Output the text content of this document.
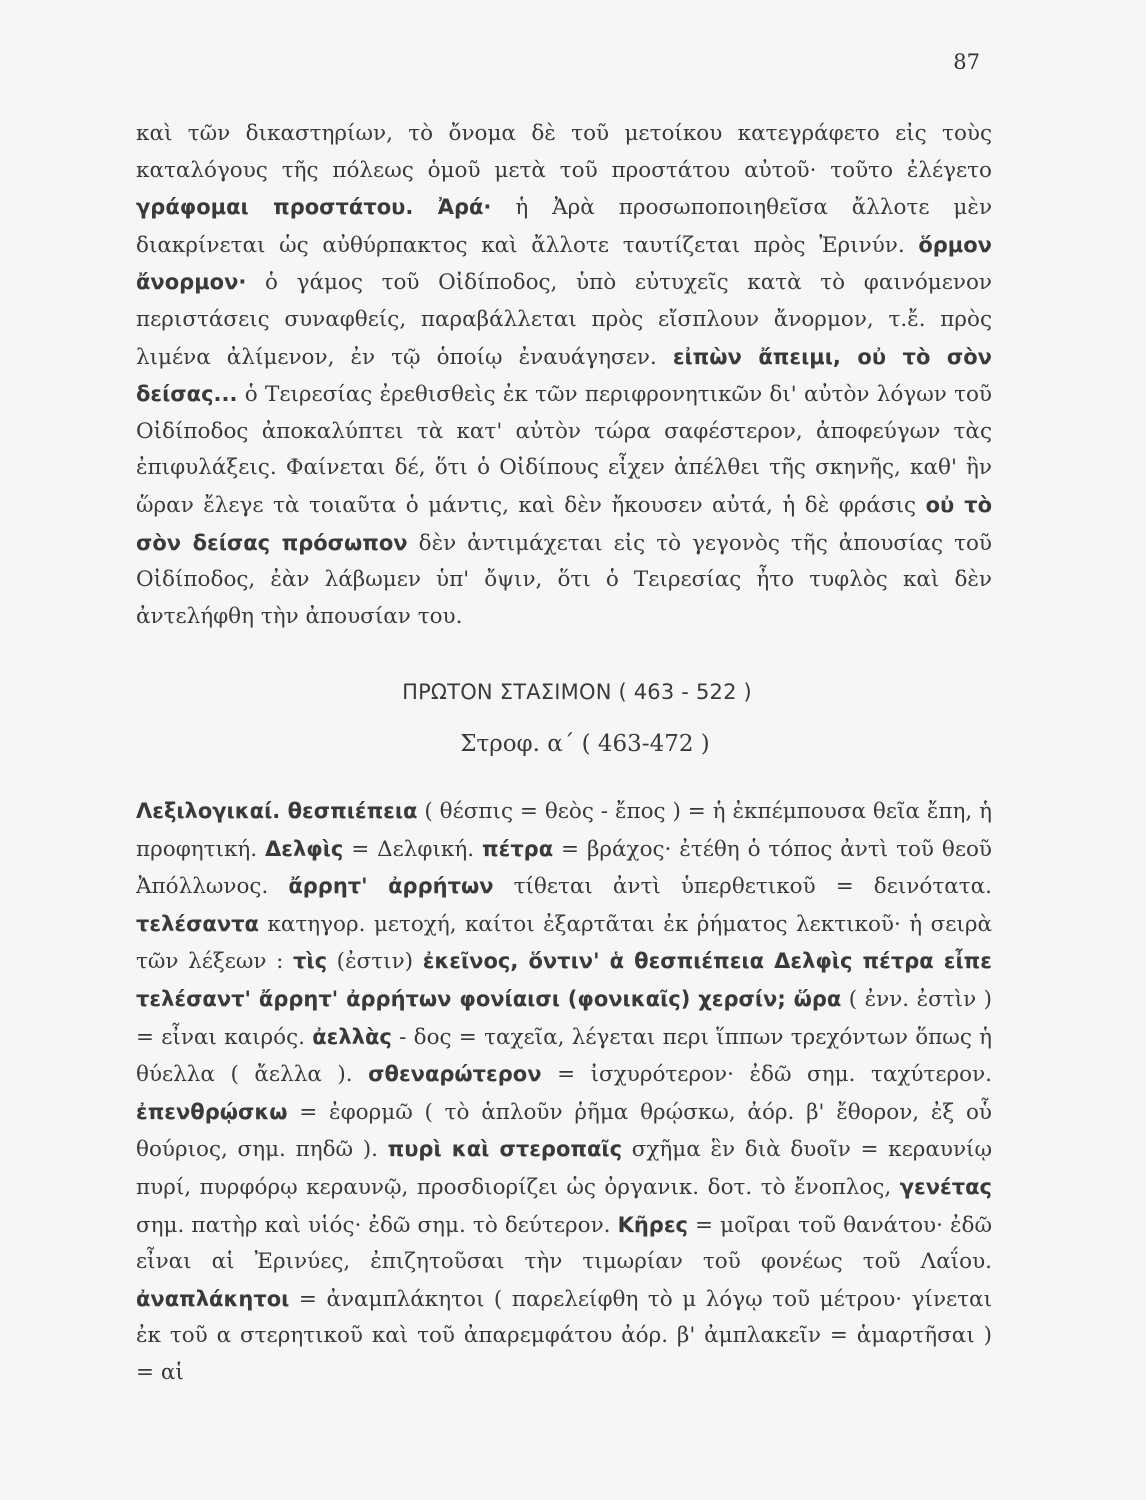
87
καὶ τῶν δικαστηρίων, τὸ ὄνομα δὲ τοῦ μετοίκου κατεγράφετο εἰς τοὺς καταλόγους τῆς πόλεως ὁμοῦ μετὰ τοῦ προστάτου αὐτοῦ· τοῦτο ἐλέγετο γράφομαι προστάτου. Ἀρά· ἡ Ἀρὰ προσωποποιηθεῖσα ἄλλοτε μὲν διακρίνεται ὡς αὐθύρπακτος καὶ ἄλλοτε ταυτίζεται πρὸς Ἐρινύν. ὅρμον ἄνορμον· ὁ γάμος τοῦ Οἰδίποδος, ὑπὸ εὐτυχεῖς κατὰ τὸ φαινόμενον περιστάσεις συναφθείς, παραβάλλεται πρὸς εἴσπλουν ἄνορμον, τ.ἔ. πρὸς λιμένα ἀλίμενον, ἐν τῷ ὁποίῳ ἐναυάγησεν. εἰπὼν ἄπειμι, οὐ τὸ σὸν δείσας... ὁ Τειρεσίας ἐρεθισθεὶς ἐκ τῶν περιφρονητικῶν δι' αὐτὸν λόγων τοῦ Οἰδίποδος ἀποκαλύπτει τὰ κατ' αὐτὸν τώρα σαφέστερον, ἀποφεύγων τὰς ἐπιφυλάξεις. Φαίνεται δέ, ὅτι ὁ Οἰδίπους εἶχεν ἀπέλθει τῆς σκηνῆς, καθ' ἣν ὥραν ἔλεγε τὰ τοιαῦτα ὁ μάντις, καὶ δὲν ἤκουσεν αὐτά, ἡ δὲ φράσις οὐ τὸ σὸν δείσας πρόσωπον δὲν ἀντιμάχεται εἰς τὸ γεγονὸς τῆς ἀπουσίας τοῦ Οἰδίποδος, ἐὰν λάβωμεν ὑπ' ὄψιν, ὅτι ὁ Τειρεσίας ἦτο τυφλὸς καὶ δὲν ἀντελήφθη τὴν ἀπουσίαν του.
ΠΡΩΤΟΝ ΣΤΑΣΙΜΟΝ ( 463 - 522 )
Στροφ. α΄ ( 463-472 )
Λεξιλογικαί. θεσπιέπεια ( θέσπις = θεὸς - ἔπος ) = ἡ ἐκπέμπουσα θεῖα ἔπη, ἡ προφητική. Δελφὶς = Δελφική. πέτρα = βράχος· ἐτέθη ὁ τόπος ἀντὶ τοῦ θεοῦ Ἀπόλλωνος. ἄρρητ' ἀρρήτων τίθεται ἀντὶ ὑπερθετικοῦ = δεινότατα. τελέσαντα κατηγορ. μετοχή, καίτοι ἐξαρτᾶται ἐκ ῥήματος λεκτικοῦ· ἡ σειρὰ τῶν λέξεων : τὶς (ἐστιν) ἐκεῖνος, ὅντιν' ἁ θεσπιέπεια Δελφὶς πέτρα εἶπε τελέσαντ' ἄρρητ' ἀρρήτων φονίαισι (φονικαῖς) χερσίν; ὥρα ( ἐνν. ἐστὶν ) = εἶναι καιρός. ἀελλὰς - δος = ταχεῖα, λέγεται περι ἵππων τρεχόντων ὅπως ἡ θύελλα ( ἄελλα ). σθεναρώτερον = ἰσχυρότερον· ἐδῶ σημ. ταχύτερον. ἐπενθρῴσκω = ἐφορμῶ ( τὸ ἁπλοῦν ῥῆμα θρῴσκω, ἀόρ. β' ἔθορον, ἐξ οὗ θούριος, σημ. πηδῶ ). πυρὶ καὶ στεροπαῖς σχῆμα ἓν διὰ δυοῖν = κεραυνίῳ πυρί, πυρφόρῳ κεραυνῷ, προσδιορίζει ὡς ὀργανικ. δοτ. τὸ ἔνοπλος, γενέτας σημ. πατὴρ καὶ υἱός· ἐδῶ σημ. τὸ δεύτερον. Κῆρες = μοῖραι τοῦ θανάτου· ἐδῶ εἶναι αἱ Ἐρινύες, ἐπιζητοῦσαι τὴν τιμωρίαν τοῦ φονέως τοῦ Λαΐου. ἀναπλάκητοι = ἀναμπλάκητοι ( παρελείφθη τὸ μ λόγῳ τοῦ μέτρου· γίνεται ἐκ τοῦ α στερητικοῦ καὶ τοῦ ἀπαρεμφάτου ἀόρ. β' ἀμπλακεῖν = ἁμαρτῆσαι ) = αἱ
